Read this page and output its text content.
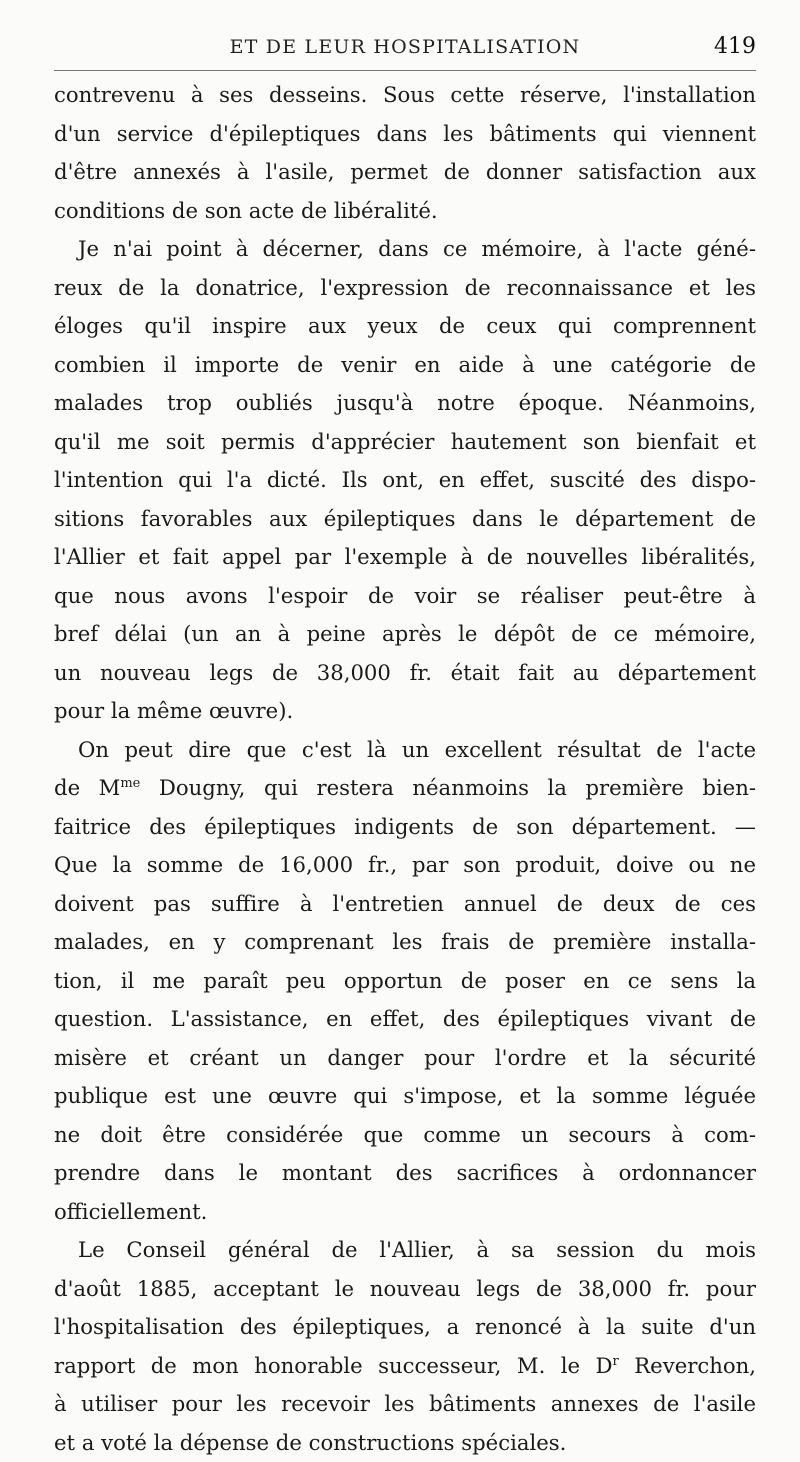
ET DE LEUR HOSPITALISATION	419
contrevenu à ses desseins. Sous cette réserve, l'installation
d'un service d'épileptiques dans les bâtiments qui viennent
d'être annexés à l'asile, permet de donner satisfaction aux
conditions de son acte de libéralité.
Je n'ai point à décerner, dans ce mémoire, à l'acte géné-
reux de la donatrice, l'expression de reconnaissance et les
éloges qu'il inspire aux yeux de ceux qui comprennent
combien il importe de venir en aide à une catégorie de
malades trop oubliés jusqu'à notre époque. Néanmoins,
qu'il me soit permis d'apprécier hautement son bienfait et
l'intention qui l'a dicté. Ils ont, en effet, suscité des dispo-
sitions favorables aux épileptiques dans le département de
l'Allier et fait appel par l'exemple à de nouvelles libéralités,
que nous avons l'espoir de voir se réaliser peut-être à
bref délai (un an à peine après le dépôt de ce mémoire,
un nouveau legs de 38,000 fr. était fait au département
pour la même œuvre).
On peut dire que c'est là un excellent résultat de l'acte
de $M^{me}$ Dougny, qui restera néanmoins la première bien-
faitrice des épileptiques indigents de son département. —
Que la somme de 16,000 fr., par son produit, doive ou ne
doivent pas suffire à l'entretien annuel de deux de ces
malades, en y comprenant les frais de première installa-
tion, il me paraît peu opportun de poser en ce sens la
question. L'assistance, en effet, des épileptiques vivant de
misère et créant un danger pour l'ordre et la sécurité
publique est une œuvre qui s'impose, et la somme léguée
ne doit être considérée que comme un secours à com-
prendre dans le montant des sacrifices à ordonnancer
officiellement.
Le Conseil général de l'Allier, à sa session du mois
d'août 1885, acceptant le nouveau legs de 38,000 fr. pour
l'hospitalisation des épileptiques, a renoncé à la suite d'un
rapport de mon honorable successeur, M. le $D^r$ Reverchon,
à utiliser pour les recevoir les bâtiments annexes de l'asile
et a voté la dépense de constructions spéciales.
